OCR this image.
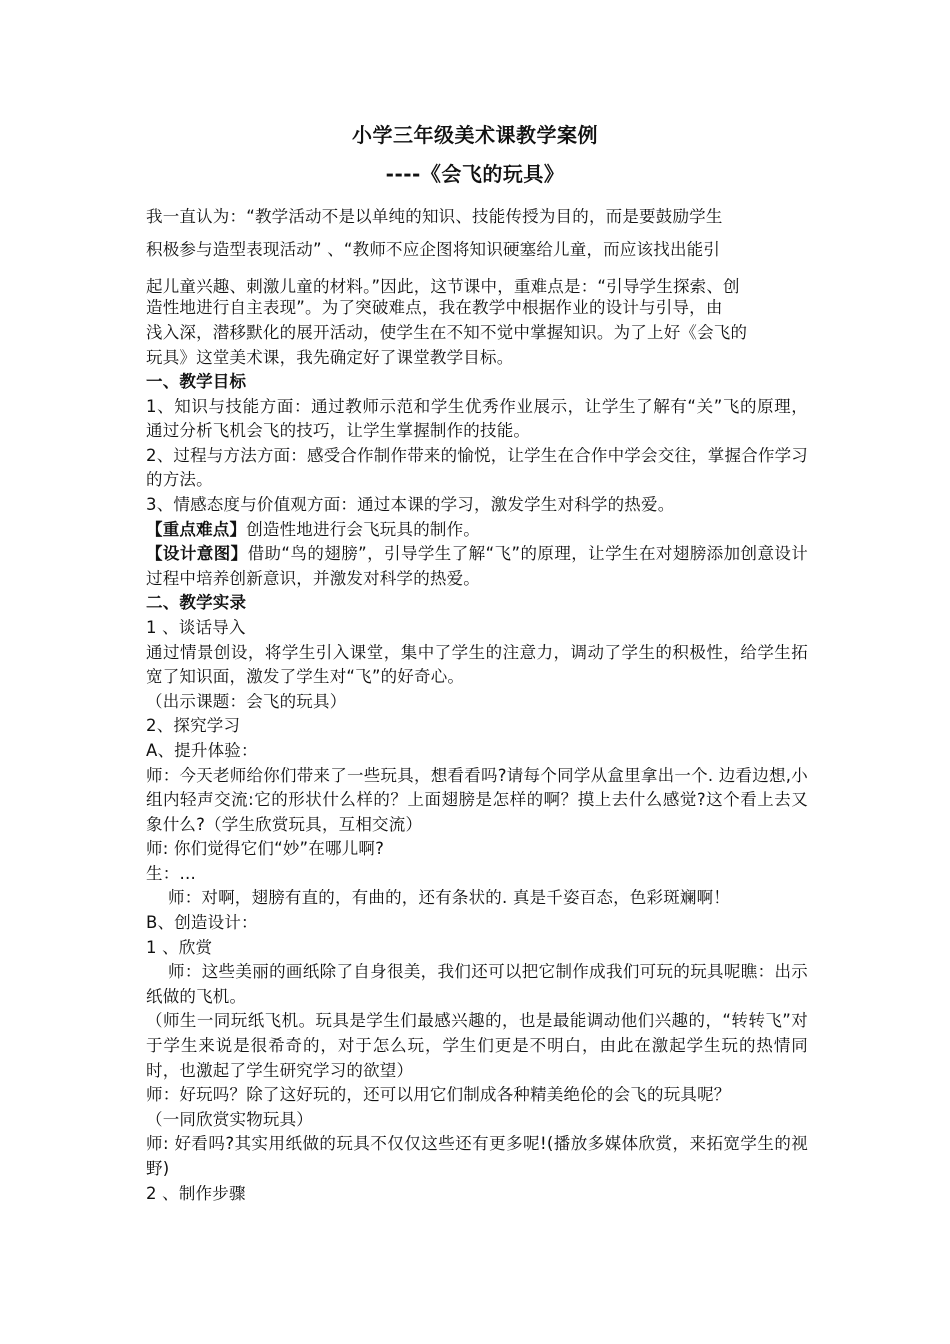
小学三年级美术课教学案例
----《会飞的玩具》

我一直认为：“教学活动不是以单纯的知识、技能传授为目的，而是要鼓励学生

积极参与造型表现活动” 、“教师不应企图将知识硬塞给儿童，而应该找出能引

起儿童兴趣、刺激儿童的材料。”因此，这节课中，重难点是：“引导学生探索、创

造性地进行自主表现”。为了突破难点，我在教学中根据作业的设计与引导，由

浅入深，潜移默化的展开活动，使学生在不知不觉中掌握知识。为了上好《会飞的

玩具》这堂美术课，我先确定好了课堂教学目标。

一、教学目标

1、知识与技能方面：通过教师示范和学生优秀作业展示，让学生了解有“关”飞的原理，通过分析飞机会飞的技巧，让学生掌握制作的技能。

2、过程与方法方面：感受合作制作带来的愉悦，让学生在合作中学会交往，掌握合作学习的方法。

3、情感态度与价值观方面：通过本课的学习，激发学生对科学的热爱。

【重点难点】创造性地进行会飞玩具的制作。

【设计意图】借助“鸟的翅膀”，引导学生了解“飞”的原理，让学生在对翅膀添加创意设计过程中培养创新意识，并激发对科学的热爱。

二、教学实录

1 、谈话导入

通过情景创设，将学生引入课堂，集中了学生的注意力，调动了学生的积极性，给学生拓宽了知识面，激发了学生对“飞”的好奇心。

（出示课题：会飞的玩具）

2、探究学习

A、提升体验：

师：今天老师给你们带来了一些玩具，想看看吗?请每个同学从盒里拿出一个. 边看边想,小组内轻声交流:它的形状什么样的？上面翅膀是怎样的啊？摸上去什么感觉?这个看上去又象什么?（学生欣赏玩具，互相交流）

师: 你们觉得它们“妙”在哪儿啊?

生：…

师：对啊，翅膀有直的，有曲的，还有条状的. 真是千姿百态，色彩斑斓啊！

B、创造设计：

1 、欣赏

师：这些美丽的画纸除了自身很美，我们还可以把它制作成我们可玩的玩具呢瞧：出示纸做的飞机。

（师生一同玩纸飞机。玩具是学生们最感兴趣的，也是最能调动他们兴趣的，“转转飞”对于学生来说是很希奇的，对于怎么玩，学生们更是不明白，由此在激起学生玩的热情同时，也激起了学生研究学习的欲望）

师：好玩吗？除了这好玩的，还可以用它们制成各种精美绝伦的会飞的玩具呢？

（一同欣赏实物玩具）

师: 好看吗?其实用纸做的玩具不仅仅这些还有更多呢!(播放多媒体欣赏，来拓宽学生的视野)

2 、制作步骤
